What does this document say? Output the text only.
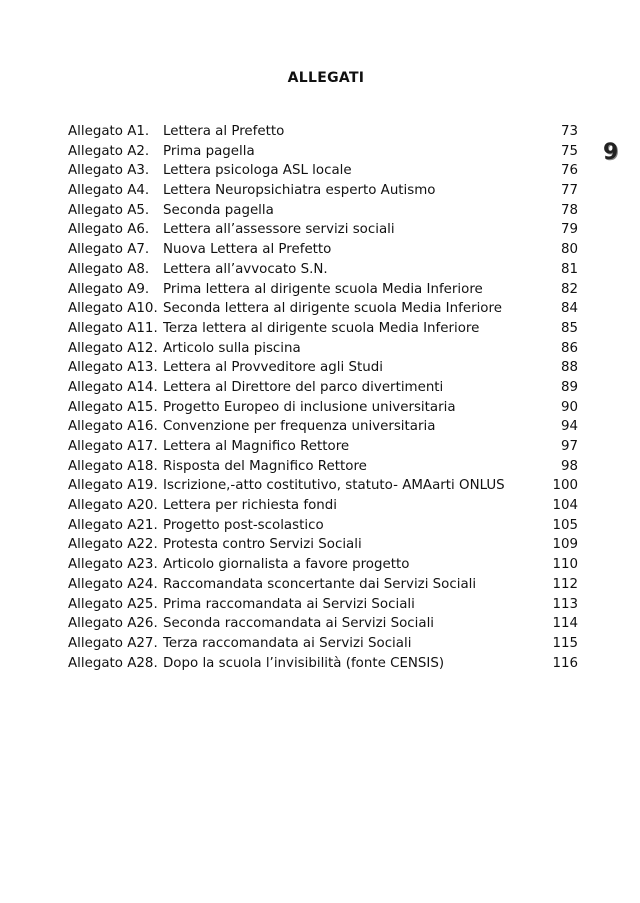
ALLEGATI
9
Allegato A1.	Lettera al Prefetto	73
Allegato A2.	Prima pagella	75
Allegato A3.	Lettera psicologa ASL locale	76
Allegato A4.	Lettera Neuropsichiatra esperto Autismo	77
Allegato A5.	Seconda pagella	78
Allegato A6.	Lettera all’assessore servizi sociali	79
Allegato A7.	Nuova Lettera al Prefetto	80
Allegato A8.	Lettera all’avvocato S.N.	81
Allegato A9.	Prima lettera al dirigente scuola Media Inferiore	82
Allegato A10. Seconda lettera al dirigente scuola Media Inferiore	84
Allegato A11. Terza lettera al dirigente scuola Media Inferiore	85
Allegato A12. Articolo sulla piscina	86
Allegato A13. Lettera al Provveditore agli Studi	88
Allegato A14. Lettera al Direttore del parco divertimenti	89
Allegato A15. Progetto Europeo di inclusione universitaria	90
Allegato A16. Convenzione per frequenza universitaria	94
Allegato A17. Lettera al Magnifico Rettore	97
Allegato A18. Risposta del Magnifico Rettore	98
Allegato A19. Iscrizione,-atto costitutivo, statuto- AMAarti ONLUS	100
Allegato A20. Lettera per richiesta fondi	104
Allegato A21. Progetto post-scolastico	105
Allegato A22. Protesta contro Servizi Sociali	109
Allegato A23. Articolo giornalista a favore progetto	110
Allegato A24. Raccomandata sconcertante dai Servizi Sociali	112
Allegato A25. Prima raccomandata ai Servizi Sociali	113
Allegato A26. Seconda raccomandata ai Servizi Sociali	114
Allegato A27. Terza raccomandata ai Servizi Sociali	115
Allegato A28. Dopo la scuola l’invisibilità (fonte CENSIS)	116
